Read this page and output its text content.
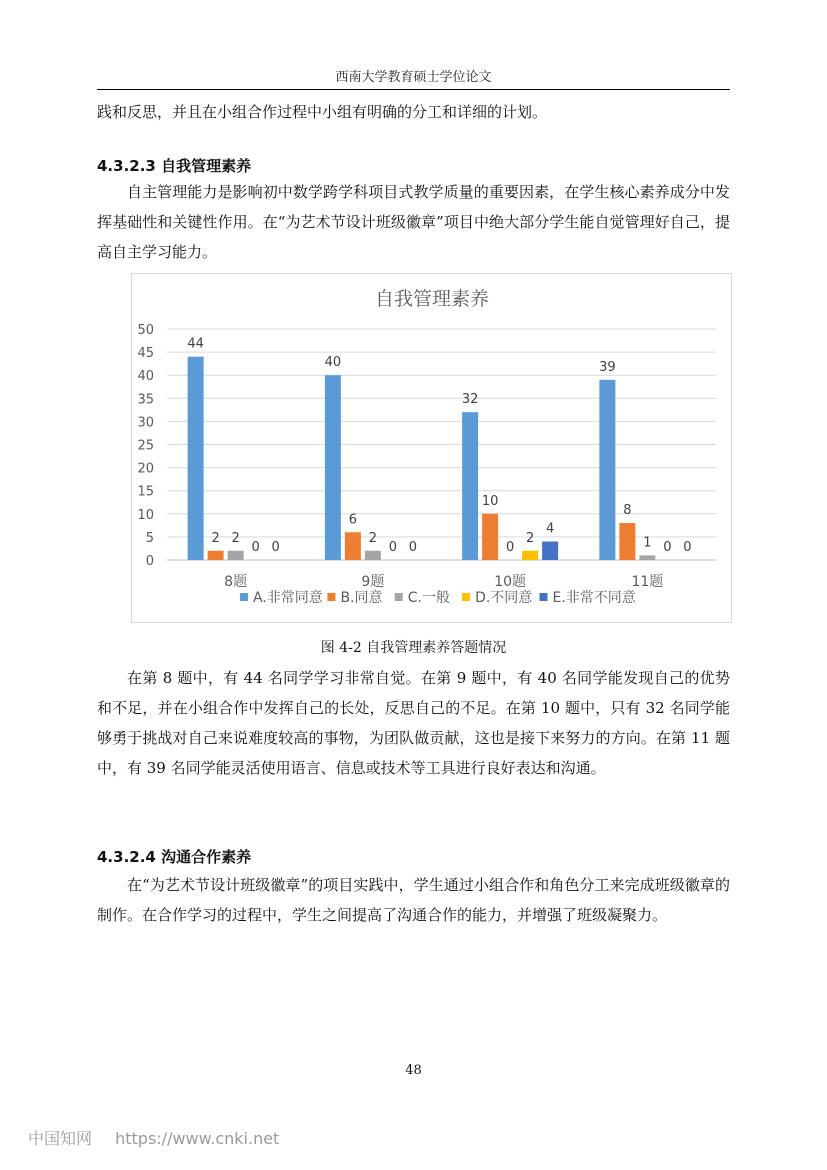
西南大学教育硕士学位论文

践和反思，并且在小组合作过程中小组有明确的分工和详细的计划。

4.3.2.3 自我管理素养

自主管理能力是影响初中数学跨学科项目式教学质量的重要因素，在学生核心素养成分中发挥基础性和关键性作用。在“为艺术节设计班级徽章”项目中绝大部分学生能自觉管理好自己，提高自主学习能力。

自我管理素养
0
5
10
15
20
25
30
35
40
45
50
44
2 2
0 0
8题
40
6
2
0 0
9题
32
10
0
2
4
10题
39
8
1 0 0
11题
A.非常同意 B.同意 C.一般 D.不同意 E.非常不同意
图 4-2 自我管理素养答题情况

在第 8 题中，有 44 名同学学习非常自觉。在第 9 题中，有 40 名同学能发现自己的优势和不足，并在小组合作中发挥自己的长处，反思自己的不足。在第 10 题中，只有 32 名同学能够勇于挑战对自己来说难度较高的事物，为团队做贡献，这也是接下来努力的方向。在第 11 题中，有 39 名同学能灵活使用语言、信息或技术等工具进行良好表达和沟通。

4.3.2.4 沟通合作素养

在“为艺术节设计班级徽章”的项目实践中，学生通过小组合作和角色分工来完成班级徽章的制作。在合作学习的过程中，学生之间提高了沟通合作的能力，并增强了班级凝聚力。

48
中国知网 https://www.cnki.net
